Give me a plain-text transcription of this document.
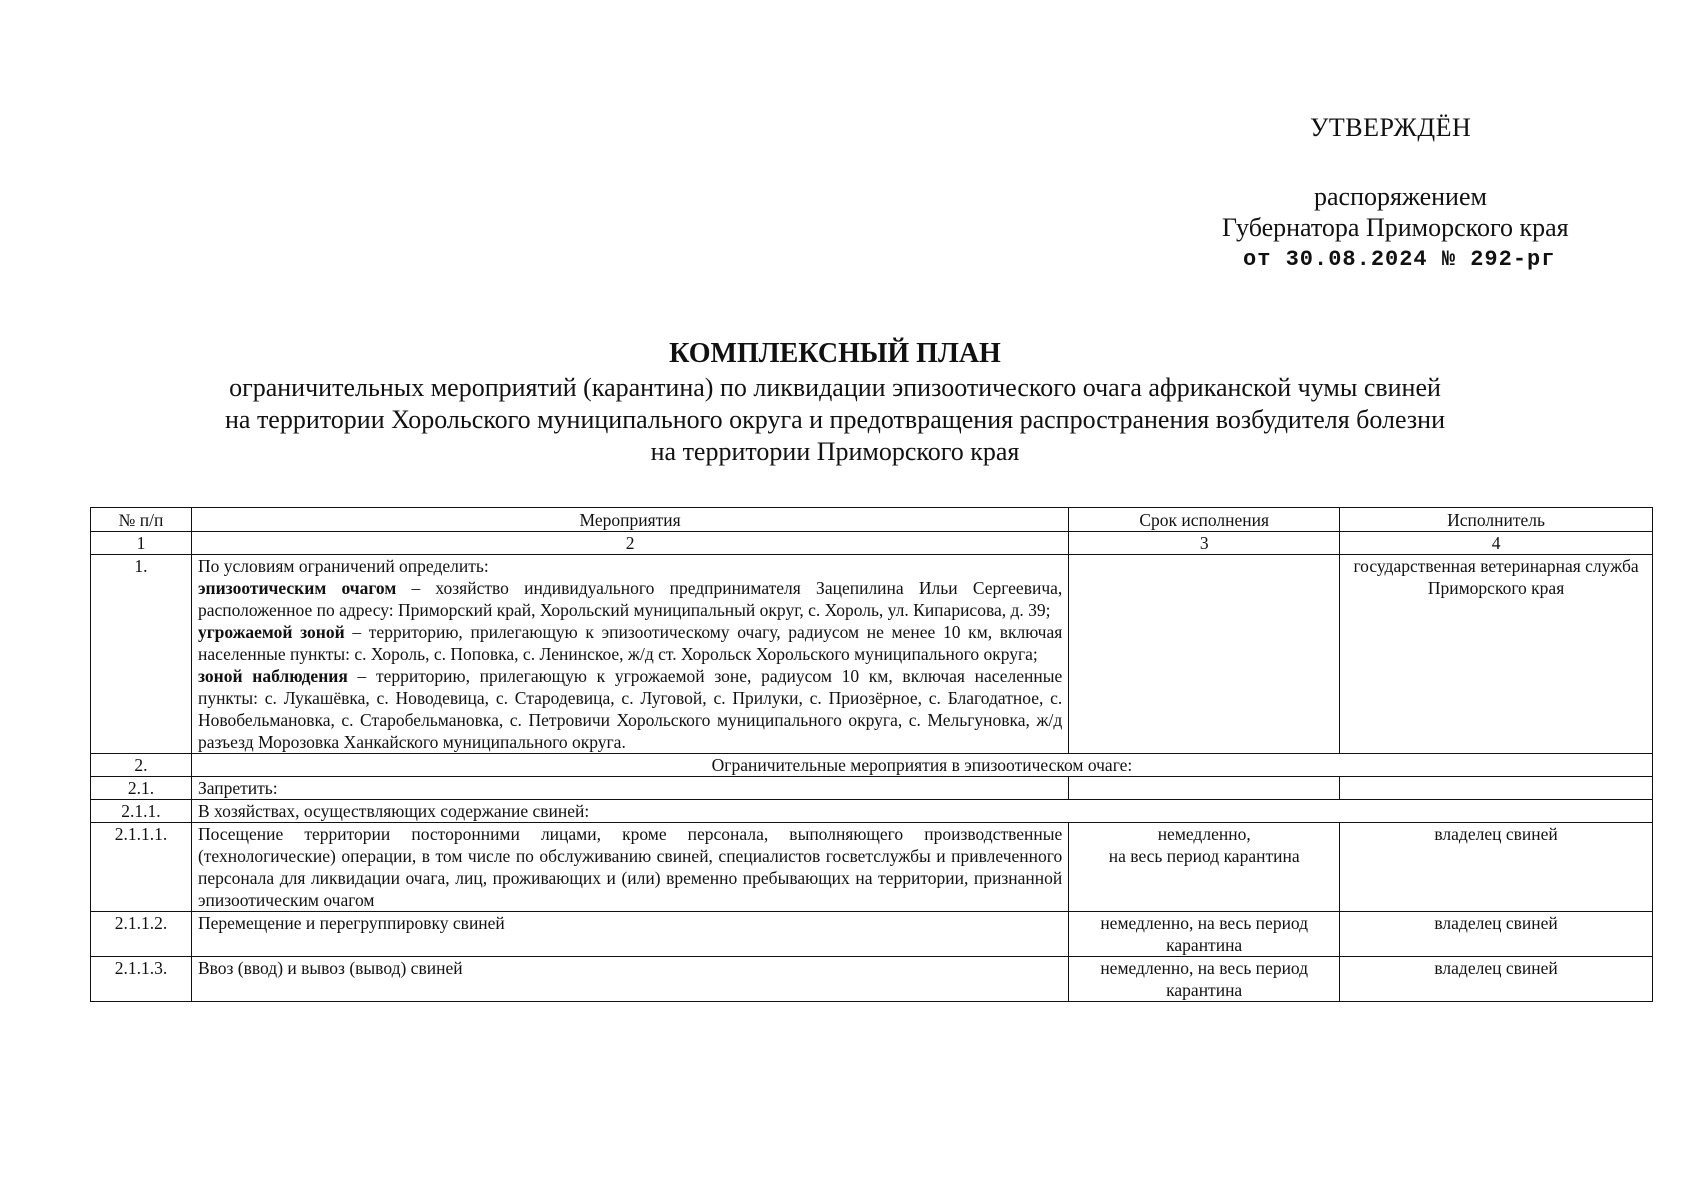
УТВЕРЖДЁН
распоряжением
Губернатора Приморского края
от 30.08.2024 № 292-рг
КОМПЛЕКСНЫЙ ПЛАН
ограничительных мероприятий (карантина) по ликвидации эпизоотического очага африканской чумы свиней
на территории Хорольского муниципального округа и предотвращения распространения возбудителя болезни
на территории Приморского края
№ п/п	Мероприятия	Срок исполнения	Исполнитель
1	2	3	4
1.	По условиям ограничений определить:
эпизоотическим очагом – хозяйство индивидуального предпринимателя Зацепилина Ильи Сергеевича, расположенное по адресу: Приморский край, Хорольский муниципальный округ, с. Хороль, ул. Кипарисова, д. 39;
угрожаемой зоной – территорию, прилегающую к эпизоотическому очагу, радиусом не менее 10 км, включая населенные пункты: с. Хороль, с. Поповка, с. Ленинское, ж/д ст. Хорольск Хорольского муниципального округа;
зоной наблюдения – территорию, прилегающую к угрожаемой зоне, радиусом 10 км, включая населенные пункты: с. Лукашёвка, с. Новодевица, с. Стародевица, с. Луговой, с. Прилуки, с. Приозёрное, с. Благодатное, с. Новобельмановка, с. Старобельмановка, с. Петровичи Хорольского муниципального округа, с. Мельгуновка, ж/д разъезд Морозовка Ханкайского муниципального округа.		государственная ветеринарная служба Приморского края
2.	Ограничительные мероприятия в эпизоотическом очаге:		
2.1.	Запретить:		
2.1.1.	В хозяйствах, осуществляющих содержание свиней:		
2.1.1.1.	Посещение территории посторонними лицами, кроме персонала, выполняющего производственные (технологические) операции, в том числе по обслуживанию свиней, специалистов госветслужбы и привлеченного персонала для ликвидации очага, лиц, проживающих и (или) временно пребывающих на территории, признанной эпизоотическим очагом	немедленно,
на весь период карантина	владелец свиней
2.1.1.2.	Перемещение и перегруппировку свиней	немедленно, на весь период карантина	владелец свиней
2.1.1.3.	Ввоз (ввод) и вывоз (вывод) свиней	немедленно, на весь период карантина	владелец свиней
